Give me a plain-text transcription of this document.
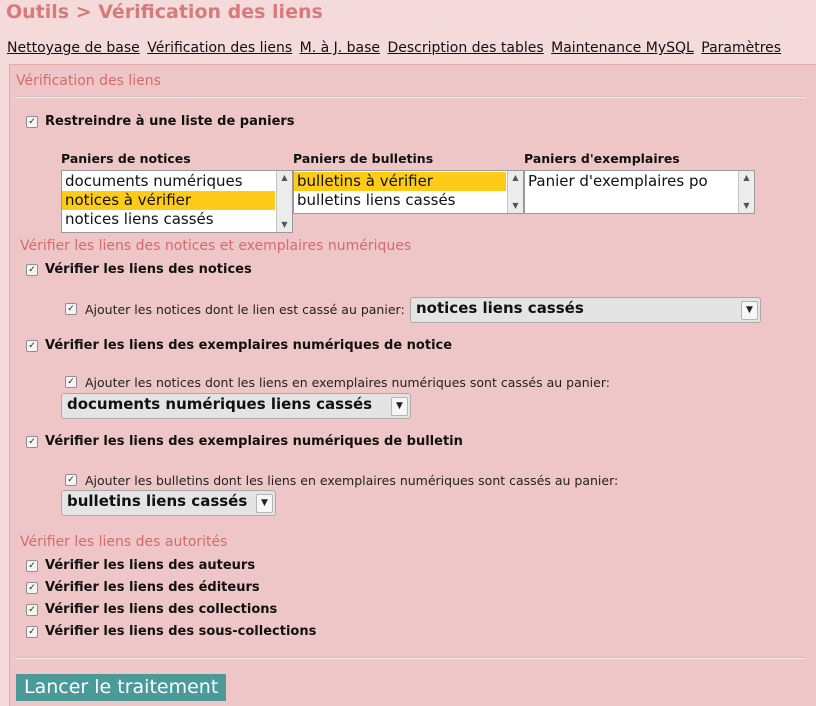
Outils > Vérification des liens
Nettoyage de base Vérification des liens M. à J. base Description des tables Maintenance MySQL Paramètres
Vérification des liens
✓ Restreindre à une liste de paniers
Paniers de notices	Paniers de bulletins	Paniers d'exemplaires
documents numériques
notices à vérifier
notices liens cassés
▲
▼
bulletins à vérifier
bulletins liens cassés
▲
▼
Panier d'exemplaires po	▲
▼
Vérifier les liens des notices et exemplaires numériques
✓ Vérifier les liens des notices
✓ Ajouter les notices dont le lien est cassé au panier: notices liens cassés	▼
✓ Vérifier les liens des exemplaires numériques de notice
✓ Ajouter les notices dont les liens en exemplaires numériques sont cassés au panier:
documents numériques liens cassés	▼
✓ Vérifier les liens des exemplaires numériques de bulletin
✓ Ajouter les bulletins dont les liens en exemplaires numériques sont cassés au panier:
bulletins liens cassés	▼
Vérifier les liens des autorités
✓ Vérifier les liens des auteurs
✓ Vérifier les liens des éditeurs
✓ Vérifier les liens des collections
✓ Vérifier les liens des sous-collections
Lancer le traitement
